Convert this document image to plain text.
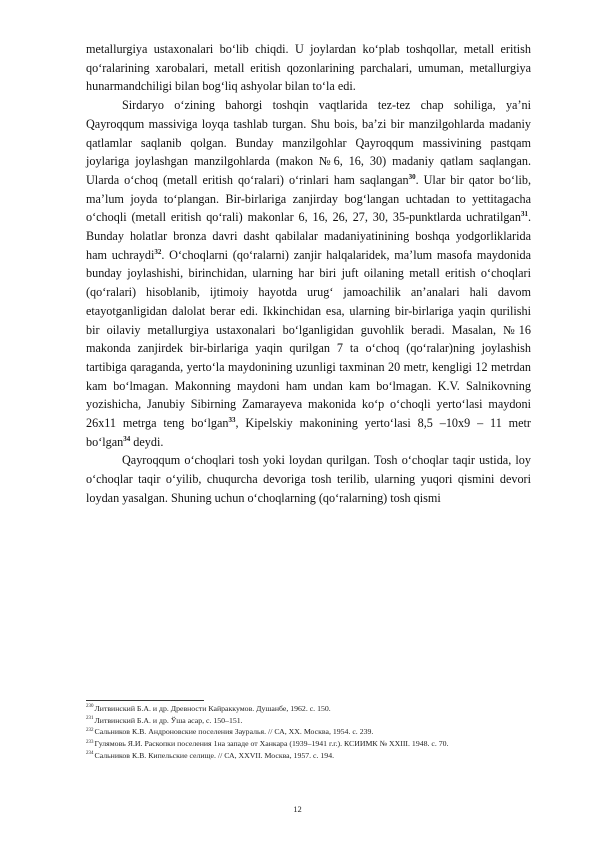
metallurgiya ustaxonalari bo‘lib chiqdi. U joylardan ko‘plab toshqollar, metall eritish qo‘ralarining xarobalari, metall eritish qozonlarining parchalari, umuman, metallurgiya hunarmandchiligi bilan bog‘liq ashyolar bilan to‘la edi.

Sirdaryo o‘zining bahorgi toshqin vaqtlarida tez-tez chap sohiliga, ya’ni Qayroqqum massiviga loyqa tashlab turgan. Shu bois, ba’zi bir manzilgohlarda madaniy qatlamlar saqlanib qolgan. Bunday manzilgohlar Qayroqqum massivining pastqam joylariga joylashgan manzilgohlarda (makon №6, 16, 30) madaniy qatlam saqlangan. Ularda o‘choq (metall eritish qo‘ralari) o‘rinlari ham saqlangan$^{30}$. Ular bir qator bo‘lib, ma’lum joyda to‘plangan. Bir-birlariga zanjirday bog‘langan uchtadan to yettitagacha o‘choqli (metall eritish qo‘rali) makonlar 6, 16, 26, 27, 30, 35-punktlarda uchratilgan$^{31}$. Bunday holatlar bronza davri dasht qabilalar madaniyatinining boshqa yodgorliklarida ham uchraydi$^{32}$. O‘choqlarni (qo‘ralarni) zanjir halqalaridek, ma’lum masofa maydonida bunday joylashishi, birinchidan, ularning har biri juft oilaning metall eritish o‘choqlari (qo‘ralari) hisoblanib, ijtimoiy hayotda urug‘ jamoachilik an’analari hali davom etayotganligidan dalolat berar edi. Ikkinchidan esa, ularning bir-birlariga yaqin qurilishi bir oilaviy metallurgiya ustaxonalari bo‘lganligidan guvohlik beradi. Masalan, №16 makonda zanjirdek bir-birlariga yaqin qurilgan 7 ta o‘choq (qo‘ralar)ning joylashish tartibiga qaraganda, yerto‘la maydonining uzunligi taxminan 20 metr, kengligi 12 metrdan kam bo‘lmagan. Makonning maydoni ham undan kam bo‘lmagan. K.V. Salnikovning yozishicha, Janubiy Sibirning Zamarayeva makonida ko‘p o‘choqli yerto‘lasi maydoni 26x11 metrga teng bo‘lgan$^{33}$, Kipelskiy makonining yerto‘lasi 8,5 –10x9 – 11 metr bo‘lgan$^{34}$ deydi.

Qayroqqum o‘choqlari tosh yoki loydan qurilgan. Tosh o‘choqlar taqir ustida, loy o‘choqlar taqir o‘yilib, chuqurcha devoriga tosh terilib, ularning yuqori qismini devori loydan yasalgan. Shuning uchun o‘choqlarning (qo‘ralarning) tosh qismi

$^{230}$Литвинский Б.А. и др. Древности Кайраккумов. Душанбе, 1962. с. 150.
$^{231}$Литвинский Б.А. и др. Ўша асар, с. 150–151.
$^{232}$Сальников К.В. Андроновские поселения Зауралья. // СА, XX. Москва, 1954. с. 239.
$^{233}$Гулямовь Я.И. Раскопки поселения 1на западе от Ханкара (1939–1941 г.г.). КСИИМК № XXIII. 1948. с. 70.
$^{234}$Сальников К.В. Кипельские селище. // СА, XXVII. Москва, 1957. с. 194.
12
